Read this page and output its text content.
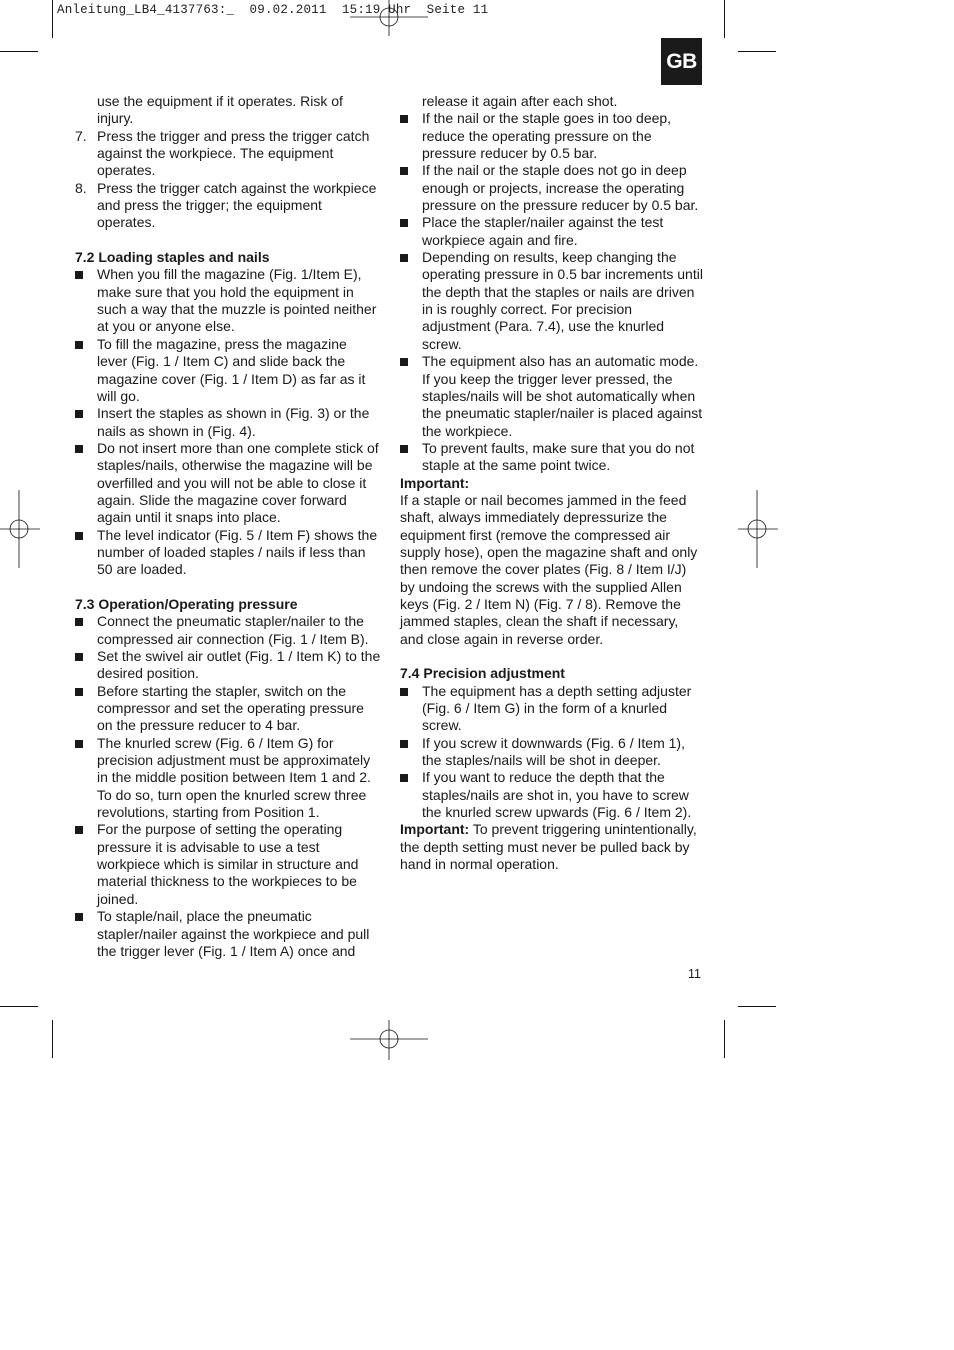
Anleitung_LB4_4137763:_  09.02.2011  15:19 Uhr  Seite 11
GB
use the equipment if it operates. Risk of injury.
7. Press the trigger and press the trigger catch against the workpiece. The equipment operates.
8. Press the trigger catch against the workpiece and press the trigger; the equipment operates.
7.2 Loading staples and nails
When you fill the magazine (Fig. 1/Item E), make sure that you hold the equipment in such a way that the muzzle is pointed neither at you or anyone else.
To fill the magazine, press the magazine lever (Fig. 1 / Item C) and slide back the magazine cover (Fig. 1 / Item D) as far as it will go.
Insert the staples as shown in (Fig. 3) or the nails as shown in (Fig. 4).
Do not insert more than one complete stick of staples/nails, otherwise the magazine will be overfilled and you will not be able to close it again. Slide the magazine cover forward again until it snaps into place.
The level indicator (Fig. 5 / Item F) shows the number of loaded staples / nails if less than 50 are loaded.
7.3 Operation/Operating pressure
Connect the pneumatic stapler/nailer to the compressed air connection (Fig. 1 / Item B).
Set the swivel air outlet (Fig. 1 / Item K) to the desired position.
Before starting the stapler, switch on the compressor and set the operating pressure on the pressure reducer to 4 bar.
The knurled screw (Fig. 6 / Item G) for precision adjustment must be approximately in the middle position between Item 1 and 2. To do so, turn open the knurled screw three revolutions, starting from Position 1.
For the purpose of setting the operating pressure it is advisable to use a test workpiece which is similar in structure and material thickness to the workpieces to be joined.
To staple/nail, place the pneumatic stapler/nailer against the workpiece and pull the trigger lever (Fig. 1 / Item A) once and
release it again after each shot.
If the nail or the staple goes in too deep, reduce the operating pressure on the pressure reducer by 0.5 bar.
If the nail or the staple does not go in deep enough or projects, increase the operating pressure on the pressure reducer by 0.5 bar.
Place the stapler/nailer against the test workpiece again and fire.
Depending on results, keep changing the operating pressure in 0.5 bar increments until the depth that the staples or nails are driven in is roughly correct. For precision adjustment (Para. 7.4), use the knurled screw.
The equipment also has an automatic mode. If you keep the trigger lever pressed, the staples/nails will be shot automatically when the pneumatic stapler/nailer is placed against the workpiece.
To prevent faults, make sure that you do not staple at the same point twice.
Important:
If a staple or nail becomes jammed in the feed shaft, always immediately depressurize the equipment first (remove the compressed air supply hose), open the magazine shaft and only then remove the cover plates (Fig. 8 / Item I/J) by undoing the screws with the supplied Allen keys (Fig. 2 / Item N) (Fig. 7 / 8). Remove the jammed staples, clean the shaft if necessary, and close again in reverse order.
7.4 Precision adjustment
The equipment has a depth setting adjuster (Fig. 6 / Item G) in the form of a knurled screw.
If you screw it downwards (Fig. 6 / Item 1), the staples/nails will be shot in deeper.
If you want to reduce the depth that the staples/nails are shot in, you have to screw the knurled screw upwards (Fig. 6 / Item 2).
Important: To prevent triggering unintentionally, the depth setting must never be pulled back by hand in normal operation.
11
